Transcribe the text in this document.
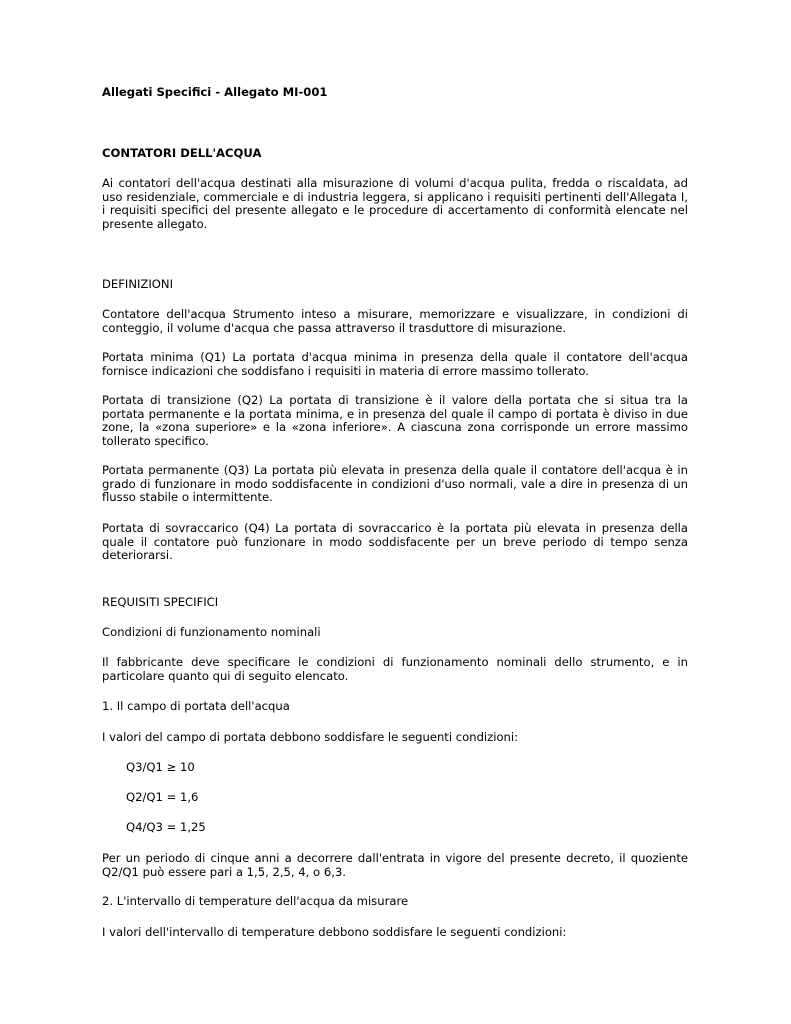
Allegati Specifici - Allegato MI-001

CONTATORI DELL'ACQUA

Ai contatori dell'acqua destinati alla misurazione di volumi d'acqua pulita, fredda o riscaldata, ad uso residenziale, commerciale e di industria leggera, si applicano i requisiti pertinenti dell'Allegata I, i requisiti specifici del presente allegato e le procedure di accertamento di conformità elencate nel presente allegato.

DEFINIZIONI

Contatore dell'acqua Strumento inteso a misurare, memorizzare e visualizzare, in condizioni di conteggio, il volume d'acqua che passa attraverso il trasduttore di misurazione.

Portata minima (Q1) La portata d'acqua minima in presenza della quale il contatore dell'acqua fornisce indicazioni che soddisfano i requisiti in materia di errore massimo tollerato.

Portata di transizione (Q2) La portata di transizione è il valore della portata che si situa tra la portata permanente e la portata minima, e in presenza del quale il campo di portata è diviso in due zone, la «zona superiore» e la «zona inferiore». A ciascuna zona corrisponde un errore massimo tollerato specifico.

Portata permanente (Q3) La portata più elevata in presenza della quale il contatore dell'acqua è in grado di funzionare in modo soddisfacente in condizioni d'uso normali, vale a dire in presenza di un flusso stabile o intermittente.

Portata di sovraccarico (Q4) La portata di sovraccarico è la portata più elevata in presenza della quale il contatore può funzionare in modo soddisfacente per un breve periodo di tempo senza deteriorarsi.

REQUISITI SPECIFICI

Condizioni di funzionamento nominali

Il fabbricante deve specificare le condizioni di funzionamento nominali dello strumento, e in particolare quanto qui di seguito elencato.

1. Il campo di portata dell'acqua

I valori del campo di portata debbono soddisfare le seguenti condizioni:

Q3/Q1 ≥ 10

Q2/Q1 = 1,6

Q4/Q3 = 1,25

Per un periodo di cinque anni a decorrere dall'entrata in vigore del presente decreto, il quoziente Q2/Q1 può essere pari a 1,5, 2,5, 4, o 6,3.

2. L'intervallo di temperature dell'acqua da misurare

I valori dell'intervallo di temperature debbono soddisfare le seguenti condizioni:
